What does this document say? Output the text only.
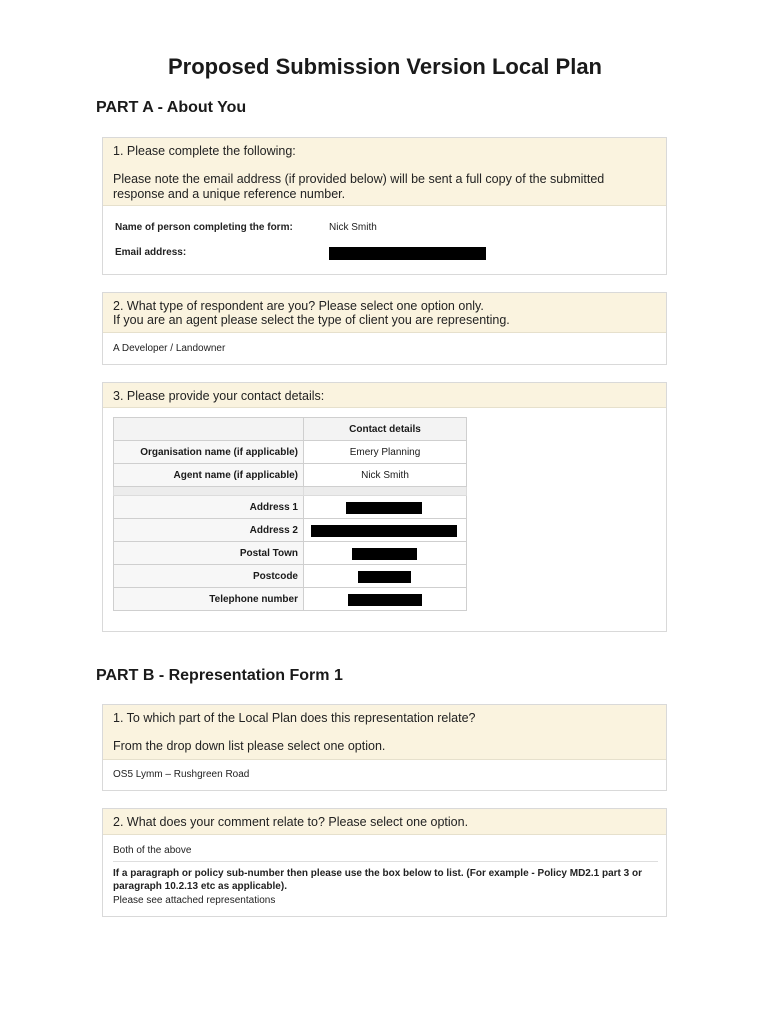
Proposed Submission Version Local Plan
PART A - About You
1. Please complete the following:
Please note the email address (if provided below) will be sent a full copy of the submitted response and a unique reference number.
Name of person completing the form:	Nick Smith
Email address:
2. What type of respondent are you? Please select one option only.
If you are an agent please select the type of client you are representing.
A Developer / Landowner
3. Please provide your contact details:
	Contact details
Organisation name (if applicable)	Emery Planning
Agent name (if applicable)	Nick Smith

Address 1	

Address 2	

Postal Town	

Postcode	

Telephone number	
PART B - Representation Form 1
1. To which part of the Local Plan does this representation relate?
From the drop down list please select one option.
OS5 Lymm – Rushgreen Road
2. What does your comment relate to? Please select one option.
Both of the above
If a paragraph or policy sub-number then please use the box below to list. (For example - Policy MD2.1 part 3 or paragraph 10.2.13 etc as applicable).
Please see attached representations
